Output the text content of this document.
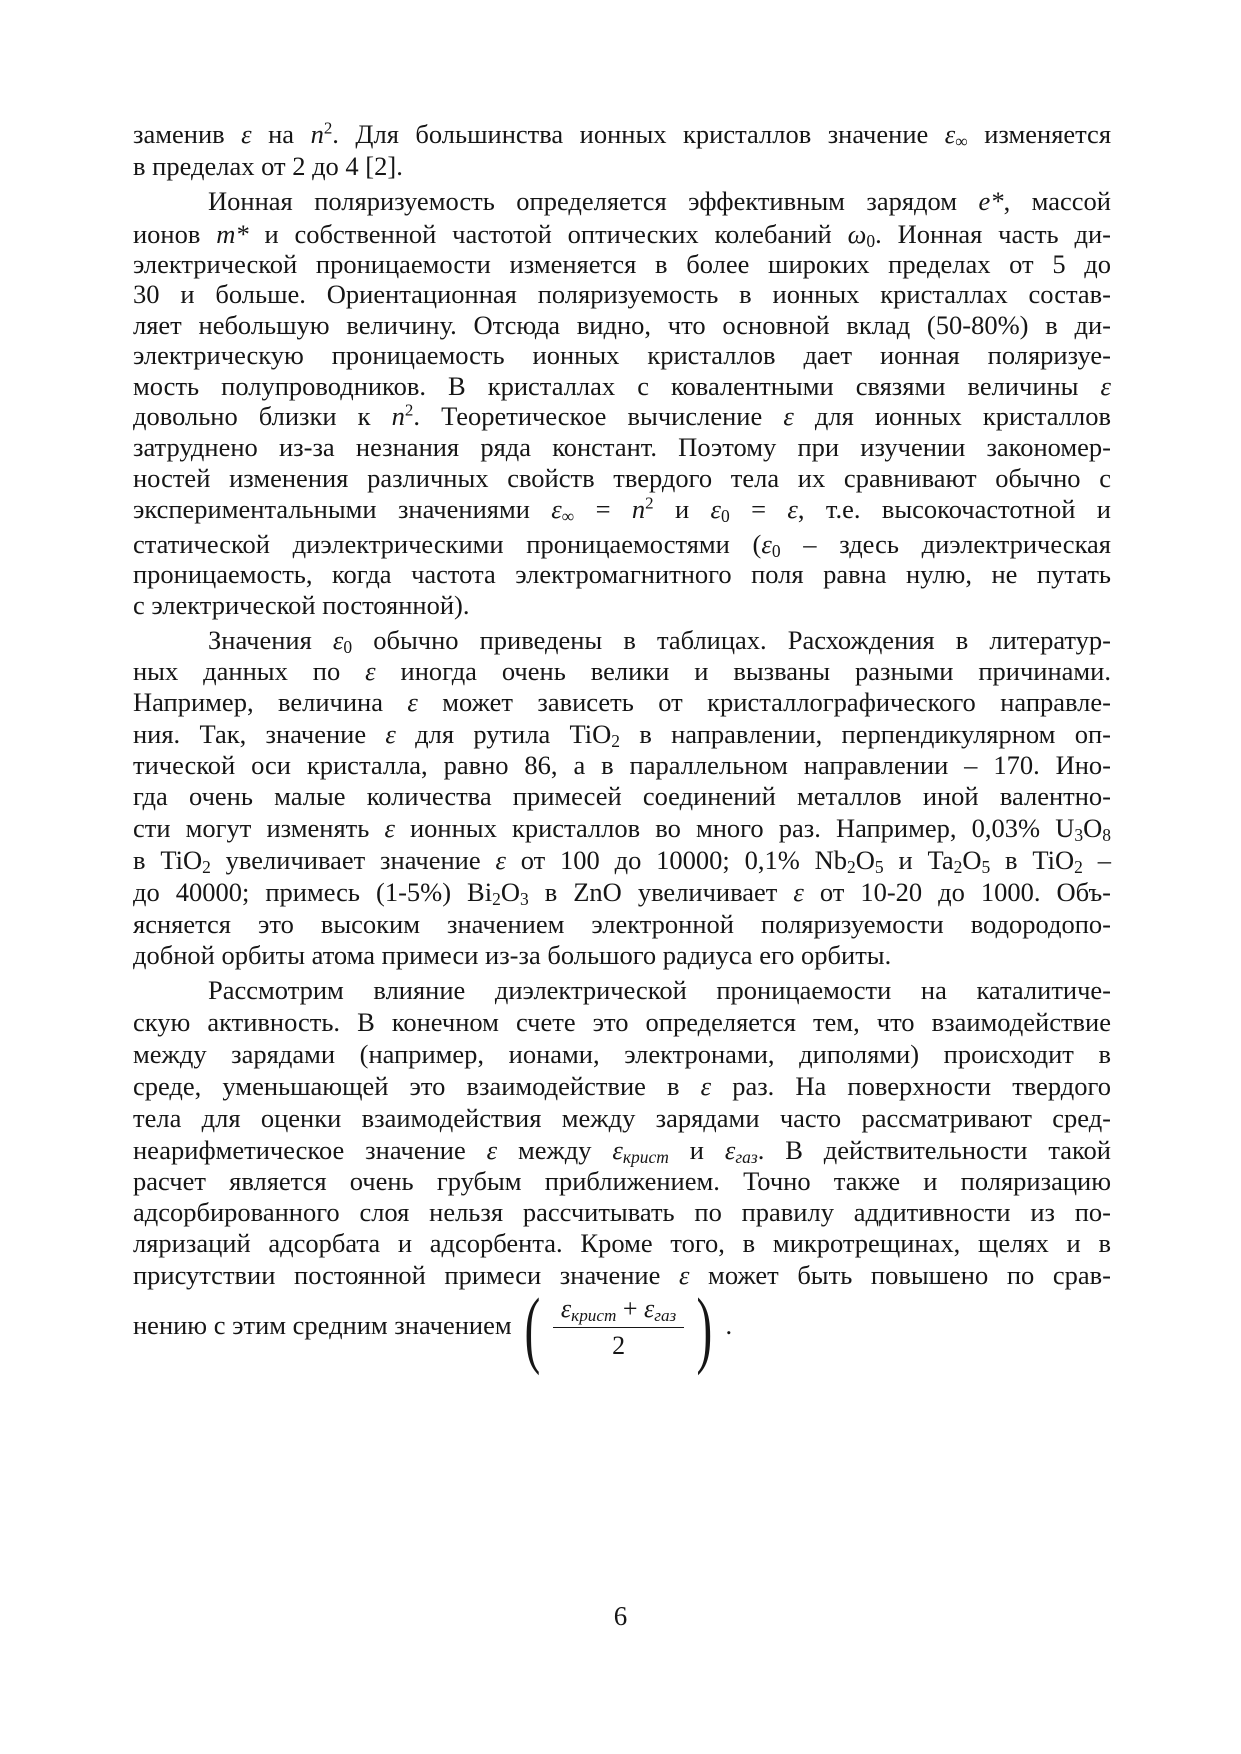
заменив ε на $n^2$. Для большинства ионных кристаллов значение $\varepsilon_\infty$ изменяется
в пределах от 2 до 4 [2].
Ионная поляризуемость определяется эффективным зарядом e*, массой
ионов m* и собственной частотой оптических колебаний $\omega_0$. Ионная часть ди-
электрической проницаемости изменяется в более широких пределах от 5 до
30 и больше. Ориентационная поляризуемость в ионных кристаллах состав-
ляет небольшую величину. Отсюда видно, что основной вклад (50-80%) в ди-
электрическую проницаемость ионных кристаллов дает ионная поляризуе-
мость полупроводников. В кристаллах с ковалентными связями величины ε
довольно близки к $n^2$. Теоретическое вычисление ε для ионных кристаллов
затруднено из-за незнания ряда констант. Поэтому при изучении закономер-
ностей изменения различных свойств твердого тела их сравнивают обычно с
экспериментальными значениями $\varepsilon_\infty = n^2$ и $\varepsilon_0 = \varepsilon$, т.е. высокочастотной и
статической диэлектрическими проницаемостями ($\varepsilon_0$ – здесь диэлектрическая
проницаемость, когда частота электромагнитного поля равна нулю, не путать
с электрической постоянной).
Значения $\varepsilon_0$ обычно приведены в таблицах. Расхождения в литератур-
ных данных по ε иногда очень велики и вызваны разными причинами.
Например, величина ε может зависеть от кристаллографического направле-
ния. Так, значение ε для рутила TiO$_2$ в направлении, перпендикулярном оп-
тической оси кристалла, равно 86, а в параллельном направлении – 170. Ино-
гда очень малые количества примесей соединений металлов иной валентно-
сти могут изменять ε ионных кристаллов во много раз. Например, 0,03% $U_3O_8$
в TiO$_2$ увеличивает значение ε от 100 до 10000; 0,1% $Nb_2O_5$ и $Ta_2O_5$ в TiO$_2$ –
до 40000; примесь (1-5%) $Bi_2O_3$ в ZnO увеличивает ε от 10-20 до 1000. Объ-
ясняется это высоким значением электронной поляризуемости водородопо-
добной орбиты атома примеси из-за большого радиуса его орбиты.
Рассмотрим влияние диэлектрической проницаемости на каталитиче-
скую активность. В конечном счете это определяется тем, что взаимодействие
между зарядами (например, ионами, электронами, диполями) происходит в
среде, уменьшающей это взаимодействие в ε раз. На поверхности твердого
тела для оценки взаимодействия между зарядами часто рассматривают сред-
неарифметическое значение ε между $\varepsilon_{крист}$ и $\varepsilon_{газ}$. В действительности такой
расчет является очень грубым приближением. Точно также и поляризацию
адсорбированного слоя нельзя рассчитывать по правилу аддитивности из по-
ляризаций адсорбата и адсорбента. Кроме того, в микротрещинах, щелях и в
присутствии постоянной примеси значение ε может быть повышено по срав-
нению с этим средним значением ( $\frac{\varepsilon_{крист} + \varepsilon_{газ}}{2}$ ) .
6
